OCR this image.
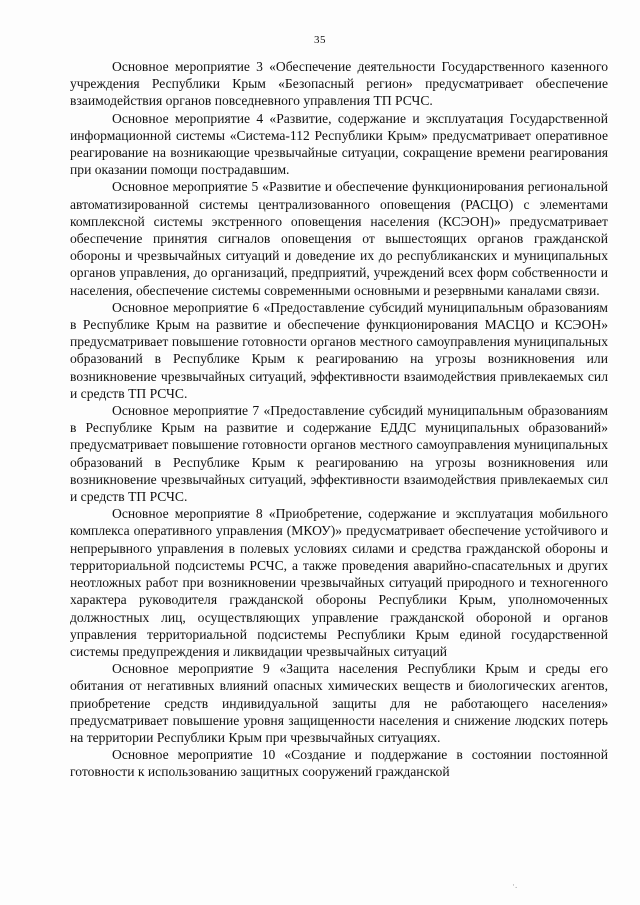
35

Основное мероприятие 3 «Обеспечение деятельности Государственного казенного учреждения Республики Крым «Безопасный регион» предусматривает обеспечение взаимодействия органов повседневного управления ТП РСЧС.

Основное мероприятие 4 «Развитие, содержание и эксплуатация Государственной информационной системы «Система-112 Республики Крым» предусматривает оперативное реагирование на возникающие чрезвычайные ситуации, сокращение времени реагирования при оказании помощи пострадавшим.

Основное мероприятие 5 «Развитие и обеспечение функционирования региональной автоматизированной системы централизованного оповещения (РАСЦО) с элементами комплексной системы экстренного оповещения населения (КСЭОН)» предусматривает обеспечение принятия сигналов оповещения от вышестоящих органов гражданской обороны и чрезвычайных ситуаций и доведение их до республиканских и муниципальных органов управления, до организаций, предприятий, учреждений всех форм собственности и населения, обеспечение системы современными основными и резервными каналами связи.

Основное мероприятие 6 «Предоставление субсидий муниципальным образованиям в Республике Крым на развитие и обеспечение функционирования МАСЦО и КСЭОН» предусматривает повышение готовности органов местного самоуправления муниципальных образований в Республике Крым к реагированию на угрозы возникновения или возникновение чрезвычайных ситуаций, эффективности взаимодействия привлекаемых сил и средств ТП РСЧС.

Основное мероприятие 7 «Предоставление субсидий муниципальным образованиям в Республике Крым на развитие и содержание ЕДДС муниципальных образований» предусматривает повышение готовности органов местного самоуправления муниципальных образований в Республике Крым к реагированию на угрозы возникновения или возникновение чрезвычайных ситуаций, эффективности взаимодействия привлекаемых сил и средств ТП РСЧС.

Основное мероприятие 8 «Приобретение, содержание и эксплуатация мобильного комплекса оперативного управления (МКОУ)» предусматривает обеспечение устойчивого и непрерывного управления в полевых условиях силами и средства гражданской обороны и территориальной подсистемы РСЧС, а также проведения аварийно-спасательных и других неотложных работ при возникновении чрезвычайных ситуаций природного и техногенного характера руководителя гражданской обороны Республики Крым, уполномоченных должностных лиц, осуществляющих управление гражданской обороной и органов управления территориальной подсистемы Республики Крым единой государственной системы предупреждения и ликвидации чрезвычайных ситуаций

Основное мероприятие 9 «Защита населения Республики Крым и среды его обитания от негативных влияний опасных химических веществ и биологических агентов, приобретение средств индивидуальной защиты для не работающего населения» предусматривает повышение уровня защищенности населения и снижение людских потерь на территории Республики Крым при чрезвычайных ситуациях.

Основное мероприятие 10 «Создание и поддержание в состоянии постоянной готовности к использованию защитных сооружений гражданской

·.
